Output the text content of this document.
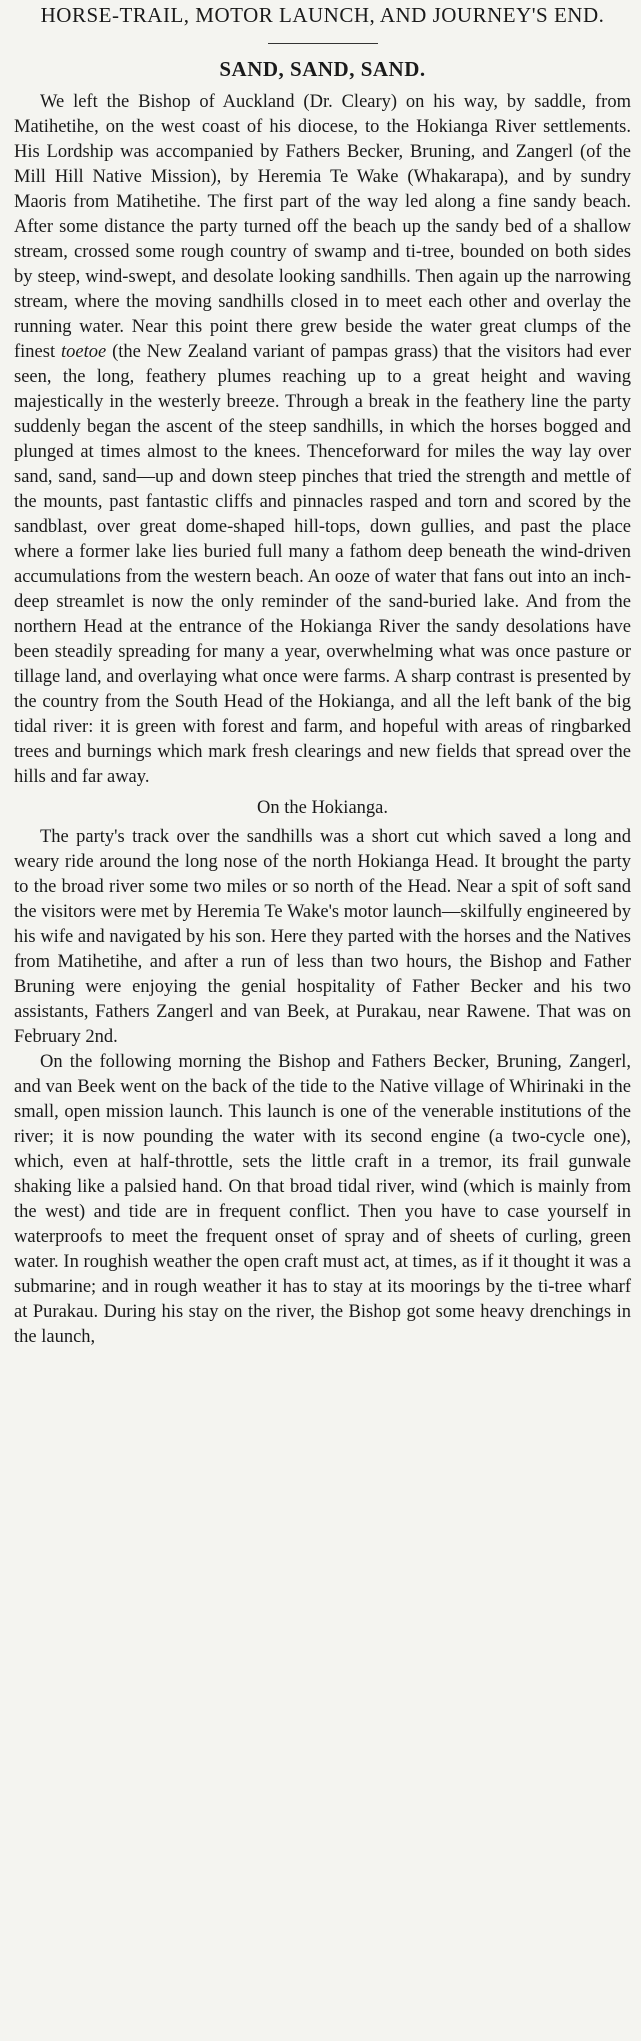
HORSE-TRAIL, MOTOR LAUNCH, AND JOURNEY'S END.
SAND, SAND, SAND.

We left the Bishop of Auckland (Dr. Cleary) on his way, by saddle, from Matihetihe, on the west coast of his diocese, to the Hokianga River settlements. His Lordship was accompanied by Fathers Becker, Bruning, and Zangerl (of the Mill Hill Native Mission), by Heremia Te Wake (Whakarapa), and by sundry Maoris from Matihetihe. The first part of the way led along a fine sandy beach. After some distance the party turned off the beach up the sandy bed of a shallow stream, crossed some rough country of swamp and ti-tree, bounded on both sides by steep, wind-swept, and desolate looking sandhills. Then again up the narrowing stream, where the moving sandhills closed in to meet each other and overlay the running water. Near this point there grew beside the water great clumps of the finest toetoe (the New Zealand variant of pampas grass) that the visitors had ever seen, the long, feathery plumes reaching up to a great height and waving majestically in the westerly breeze. Through a break in the feathery line the party suddenly began the ascent of the steep sandhills, in which the horses bogged and plunged at times almost to the knees. Thenceforward for miles the way lay over sand, sand, sand—up and down steep pinches that tried the strength and mettle of the mounts, past fantastic cliffs and pinnacles rasped and torn and scored by the sandblast, over great dome-shaped hill-tops, down gullies, and past the place where a former lake lies buried full many a fathom deep beneath the wind-driven accumulations from the western beach. An ooze of water that fans out into an inch-deep streamlet is now the only reminder of the sand-buried lake. And from the northern Head at the entrance of the Hokianga River the sandy desolations have been steadily spreading for many a year, overwhelming what was once pasture or tillage land, and overlaying what once were farms. A sharp contrast is presented by the country from the South Head of the Hokianga, and all the left bank of the big tidal river: it is green with forest and farm, and hopeful with areas of ringbarked trees and burnings which mark fresh clearings and new fields that spread over the hills and far away.

On the Hokianga.

The party's track over the sandhills was a short cut which saved a long and weary ride around the long nose of the north Hokianga Head. It brought the party to the broad river some two miles or so north of the Head. Near a spit of soft sand the visitors were met by Heremia Te Wake's motor launch—skilfully engineered by his wife and navigated by his son. Here they parted with the horses and the Natives from Matihetihe, and after a run of less than two hours, the Bishop and Father Bruning were enjoying the genial hospitality of Father Becker and his two assistants, Fathers Zangerl and van Beek, at Purakau, near Rawene. That was on February 2nd.

On the following morning the Bishop and Fathers Becker, Bruning, Zangerl, and van Beek went on the back of the tide to the Native village of Whirinaki in the small, open mission launch. This launch is one of the venerable institutions of the river; it is now pounding the water with its second engine (a two-cycle one), which, even at half-throttle, sets the little craft in a tremor, its frail gunwale shaking like a palsied hand. On that broad tidal river, wind (which is mainly from the west) and tide are in frequent conflict. Then you have to case yourself in waterproofs to meet the frequent onset of spray and of sheets of curling, green water. In roughish weather the open craft must act, at times, as if it thought it was a submarine; and in rough weather it has to stay at its moorings by the ti-tree wharf at Purakau. During his stay on the river, the Bishop got some heavy drenchings in the launch,
